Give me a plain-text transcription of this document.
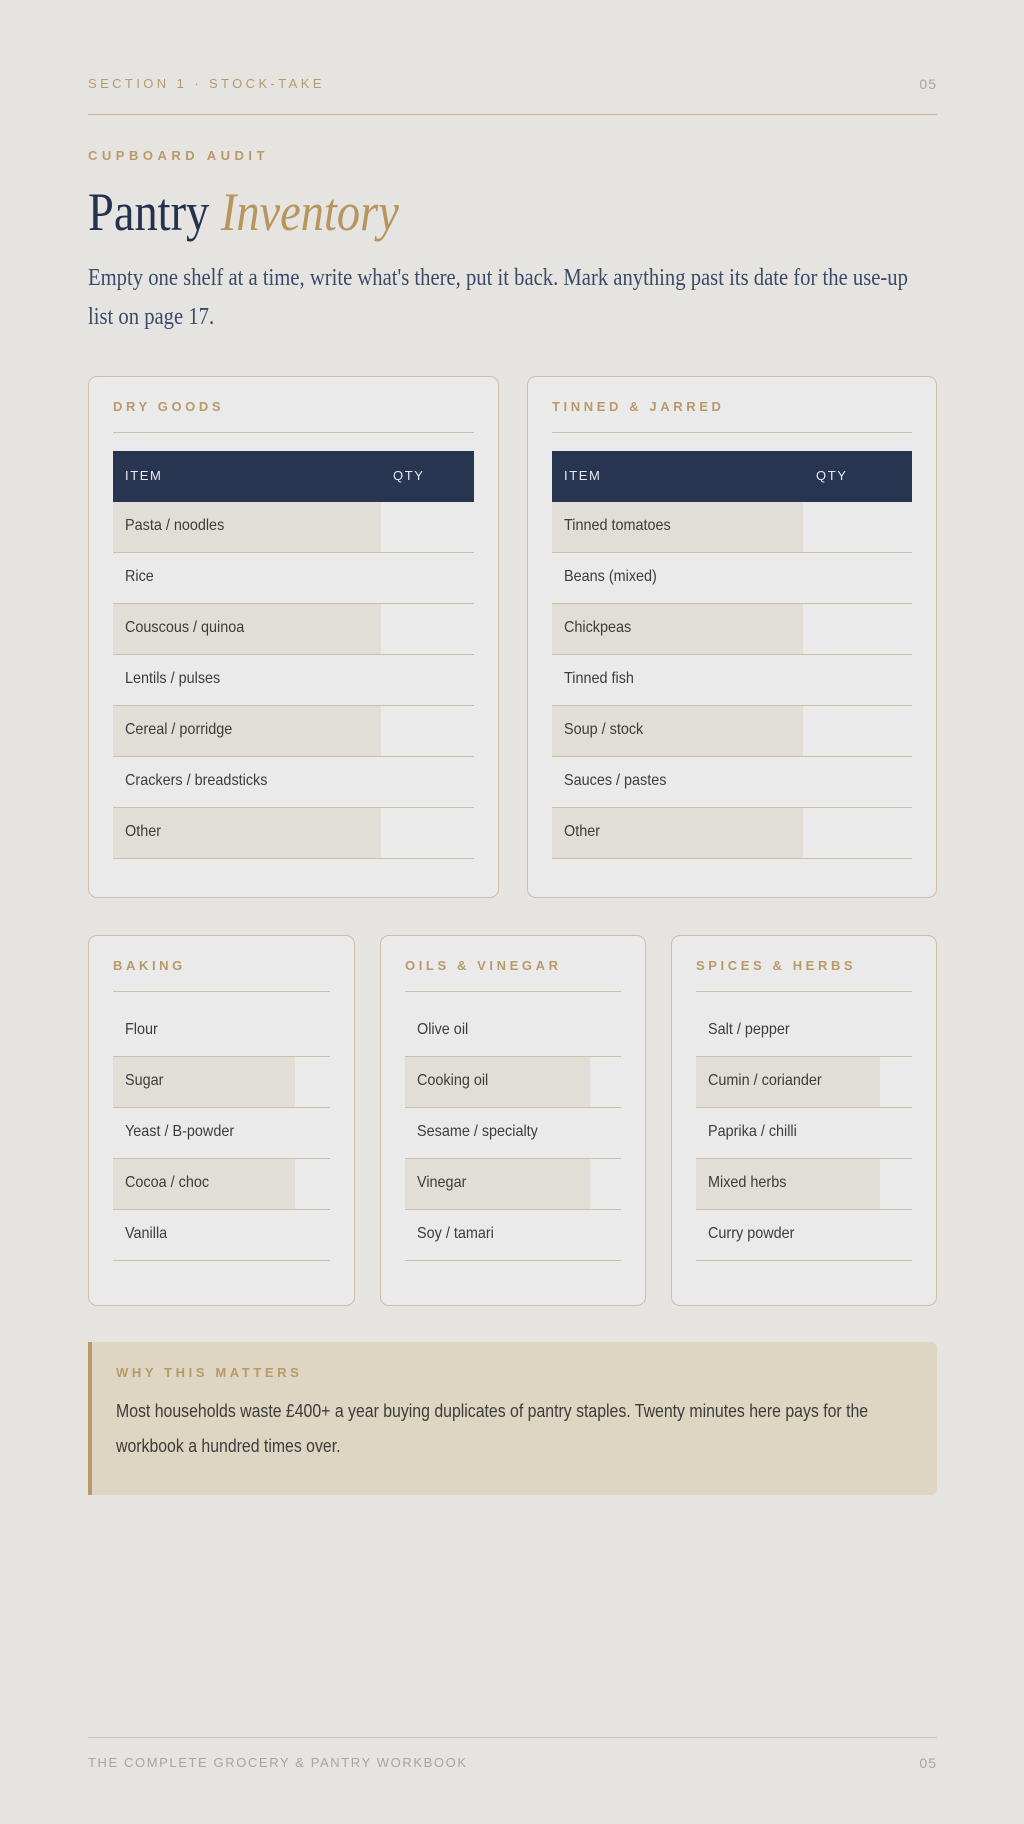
SECTION 1 · STOCK-TAKE	05
CUPBOARD AUDIT
Pantry Inventory
Empty one shelf at a time, write what's there, put it back. Mark anything past its date for the use-up list on page 17.
DRY GOODS
ITEM	QTY
Pasta / noodles
Rice
Couscous / quinoa
Lentils / pulses
Cereal / porridge
Crackers / breadsticks
Other
TINNED & JARRED
ITEM	QTY
Tinned tomatoes
Beans (mixed)
Chickpeas
Tinned fish
Soup / stock
Sauces / pastes
Other
BAKING
Flour
Sugar
Yeast / B-powder
Cocoa / choc
Vanilla
OILS & VINEGAR
Olive oil
Cooking oil
Sesame / specialty
Vinegar
Soy / tamari
SPICES & HERBS
Salt / pepper
Cumin / coriander
Paprika / chilli
Mixed herbs
Curry powder
WHY THIS MATTERS
Most households waste £400+ a year buying duplicates of pantry staples. Twenty minutes here pays for the workbook a hundred times over.
THE COMPLETE GROCERY & PANTRY WORKBOOK	05
